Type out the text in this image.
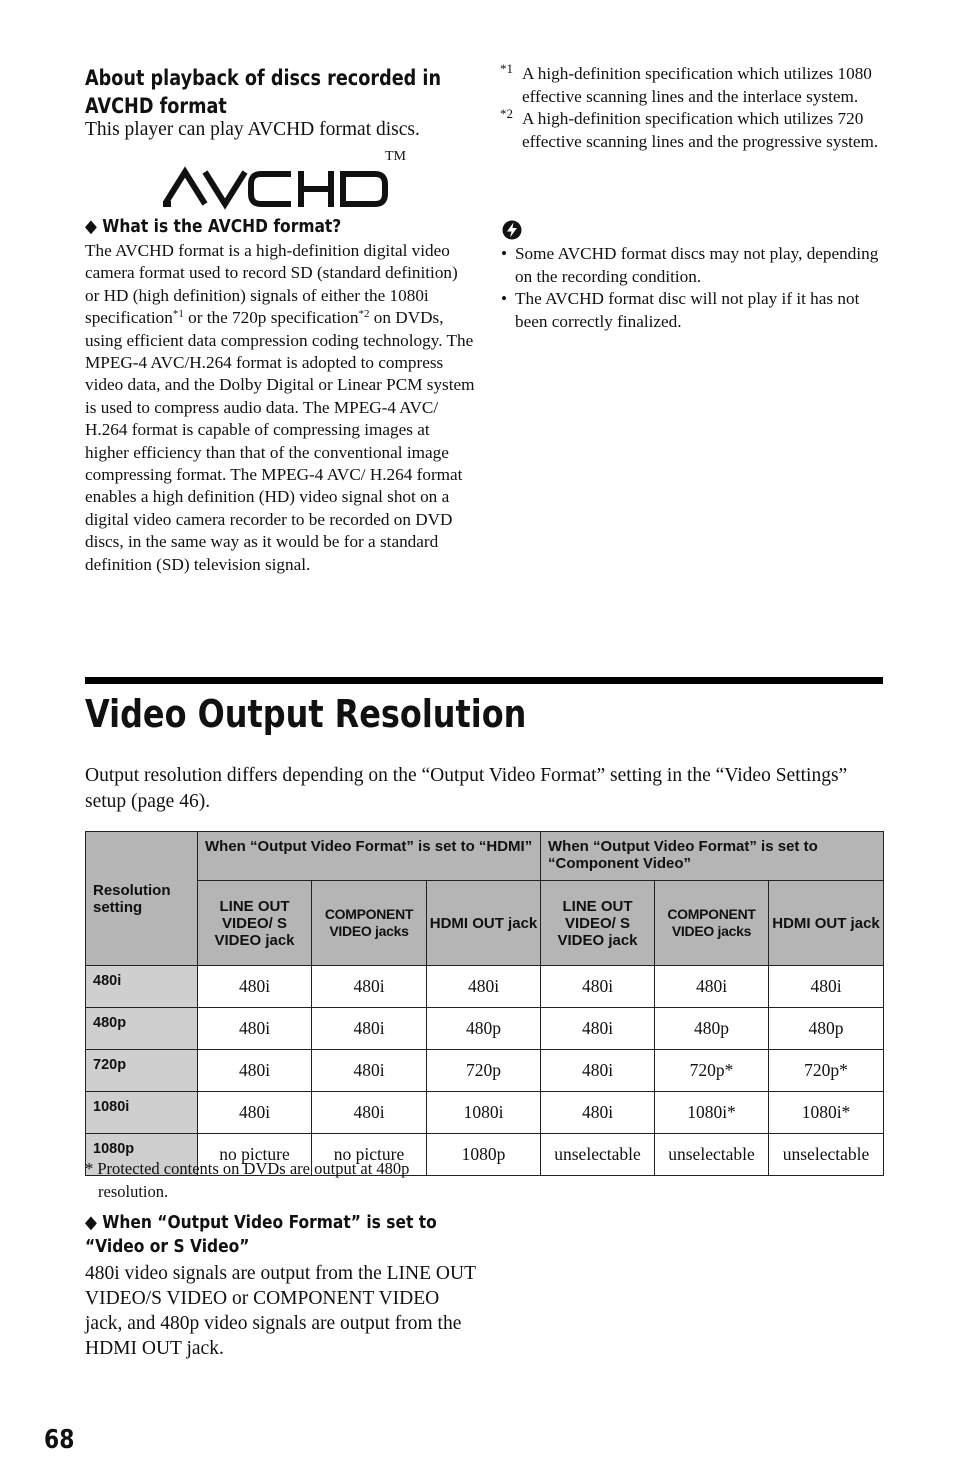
About playback of discs recorded in
AVCHD format
This player can play AVCHD format discs.
TM
◆ What is the AVCHD format?
The AVCHD format is a high-definition digital video camera format used to record SD (standard definition) or HD (high definition) signals of either the 1080i specification$^{*1}$ or the 720p specification$^{*2}$ on DVDs, using efficient data compression coding technology. The MPEG-4 AVC/H.264 format is adopted to compress video data, and the Dolby Digital or Linear PCM system is used to compress audio data. The MPEG-4 AVC/ H.264 format is capable of compressing images at higher efficiency than that of the conventional image compressing format. The MPEG-4 AVC/ H.264 format enables a high definition (HD) video signal shot on a digital video camera recorder to be recorded on DVD discs, in the same way as it would be for a standard definition (SD) television signal.
*1 A high-definition specification which utilizes 1080 effective scanning lines and the interlace system.
*2 A high-definition specification which utilizes 720 effective scanning lines and the progressive system.
• Some AVCHD format discs may not play, depending on the recording condition.
• The AVCHD format disc will not play if it has not been correctly finalized.
Video Output Resolution
Output resolution differs depending on the “Output Video Format” setting in the “Video Settings” setup (page 46).
Resolution setting	When “Output Video Format” is set to “HDMI”			When “Output Video Format” is set to “Component Video”		
	LINE OUT VIDEO/ S VIDEO jack	COMPONENT VIDEO jacks	HDMI OUT jack	LINE OUT VIDEO/ S VIDEO jack	COMPONENT VIDEO jacks	HDMI OUT jack
480i	480i	480i	480i	480i	480i	480i
480p	480i	480i	480p	480i	480p	480p
720p	480i	480i	720p	480i	720p*	720p*
1080i	480i	480i	1080i	480i	1080i*	1080i*
1080p	no picture	no picture	1080p	unselectable	unselectable	unselectable
* Protected contents on DVDs are output at 480p resolution.
◆ When “Output Video Format” is set to
“Video or S Video”
480i video signals are output from the LINE OUT VIDEO/S VIDEO or COMPONENT VIDEO jack, and 480p video signals are output from the HDMI OUT jack.
68
